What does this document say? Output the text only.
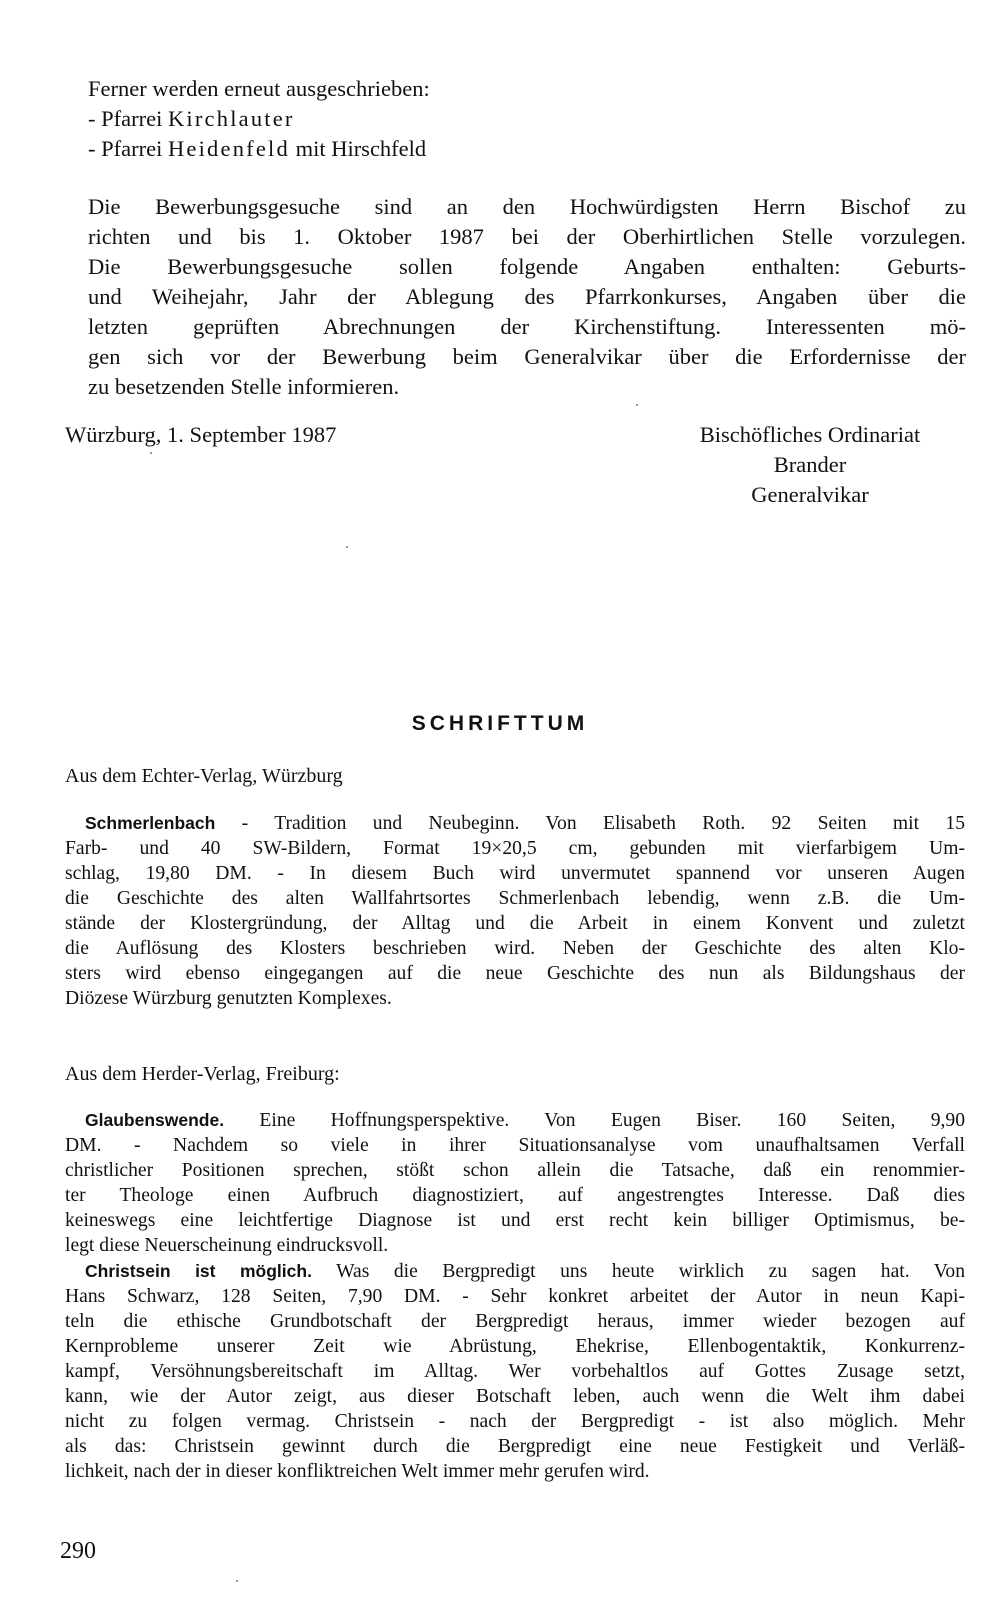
Ferner werden erneut ausgeschrieben:

- Pfarrei Kirchlauter

- Pfarrei Heidenfeld mit Hirschfeld

Die Bewerbungsgesuche sind an den Hochwürdigsten Herrn Bischof zu
richten und bis 1. Oktober 1987 bei der Oberhirtlichen Stelle vorzulegen.
Die Bewerbungsgesuche sollen folgende Angaben enthalten: Geburts-
und Weihejahr, Jahr der Ablegung des Pfarrkonkurses, Angaben über die
letzten geprüften Abrechnungen der Kirchenstiftung. Interessenten mö-
gen sich vor der Bewerbung beim Generalvikar über die Erfordernisse der
zu besetzenden Stelle informieren.
Würzburg, 1. September 1987	Bischöfliches Ordinariat
Brander
Generalvikar
SCHRIFTTUM
Aus dem Echter-Verlag, Würzburg
Schmerlenbach - Tradition und Neubeginn. Von Elisabeth Roth. 92 Seiten mit 15
Farb- und 40 SW-Bildern, Format 19×20,5 cm, gebunden mit vierfarbigem Um-
schlag, 19,80 DM. - In diesem Buch wird unvermutet spannend vor unseren Augen
die Geschichte des alten Wallfahrtsortes Schmerlenbach lebendig, wenn z.B. die Um-
stände der Klostergründung, der Alltag und die Arbeit in einem Konvent und zuletzt
die Auflösung des Klosters beschrieben wird. Neben der Geschichte des alten Klo-
sters wird ebenso eingegangen auf die neue Geschichte des nun als Bildungshaus der
Diözese Würzburg genutzten Komplexes.
Aus dem Herder-Verlag, Freiburg:
Glaubenswende. Eine Hoffnungsperspektive. Von Eugen Biser. 160 Seiten, 9,90
DM. - Nachdem so viele in ihrer Situationsanalyse vom unaufhaltsamen Verfall
christlicher Positionen sprechen, stößt schon allein die Tatsache, daß ein renommier-
ter Theologe einen Aufbruch diagnostiziert, auf angestrengtes Interesse. Daß dies
keineswegs eine leichtfertige Diagnose ist und erst recht kein billiger Optimismus, be-
legt diese Neuerscheinung eindrucksvoll.
Christsein ist möglich. Was die Bergpredigt uns heute wirklich zu sagen hat. Von
Hans Schwarz, 128 Seiten, 7,90 DM. - Sehr konkret arbeitet der Autor in neun Kapi-
teln die ethische Grundbotschaft der Bergpredigt heraus, immer wieder bezogen auf
Kernprobleme unserer Zeit wie Abrüstung, Ehekrise, Ellenbogentaktik, Konkurrenz-
kampf, Versöhnungsbereitschaft im Alltag. Wer vorbehaltlos auf Gottes Zusage setzt,
kann, wie der Autor zeigt, aus dieser Botschaft leben, auch wenn die Welt ihm dabei
nicht zu folgen vermag. Christsein - nach der Bergpredigt - ist also möglich. Mehr
als das: Christsein gewinnt durch die Bergpredigt eine neue Festigkeit und Verläß-
lichkeit, nach der in dieser konfliktreichen Welt immer mehr gerufen wird.
290
